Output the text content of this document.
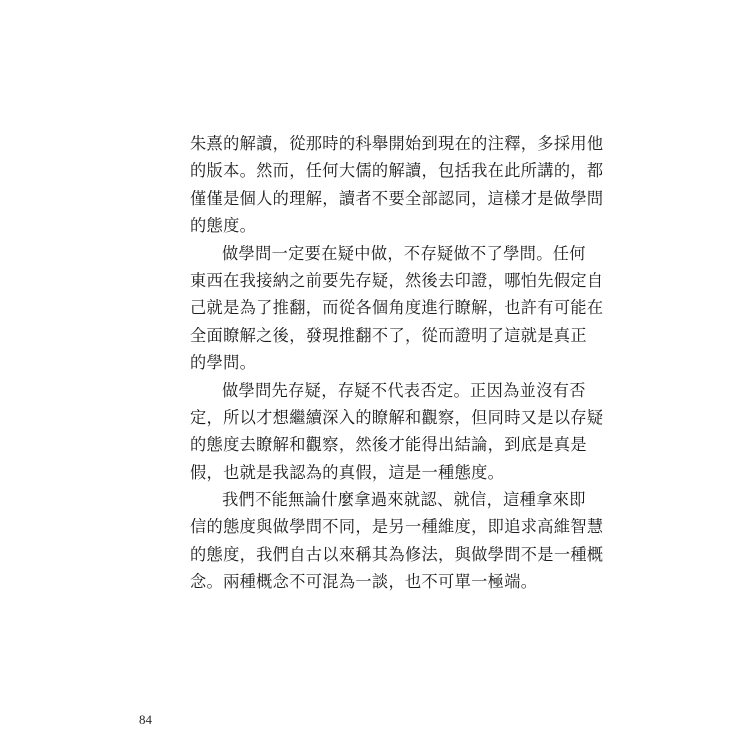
朱熹的解讀，從那時的科舉開始到現在的注釋，多採用他
的版本。然而，任何大儒的解讀，包括我在此所講的，都
僅僅是個人的理解，讀者不要全部認同，這樣才是做學問
的態度。
做學問一定要在疑中做，不存疑做不了學問。任何
東西在我接納之前要先存疑，然後去印證，哪怕先假定自
己就是為了推翻，而從各個角度進行瞭解，也許有可能在
全面瞭解之後，發現推翻不了，從而證明了這就是真正
的學問。
做學問先存疑，存疑不代表否定。正因為並沒有否
定，所以才想繼續深入的瞭解和觀察，但同時又是以存疑
的態度去瞭解和觀察，然後才能得出結論，到底是真是
假，也就是我認為的真假，這是一種態度。
我們不能無論什麼拿過來就認、就信，這種拿來即
信的態度與做學問不同，是另一種維度，即追求高維智慧
的態度，我們自古以來稱其為修法，與做學問不是一種概
念。兩種概念不可混為一談，也不可單一極端。
84
